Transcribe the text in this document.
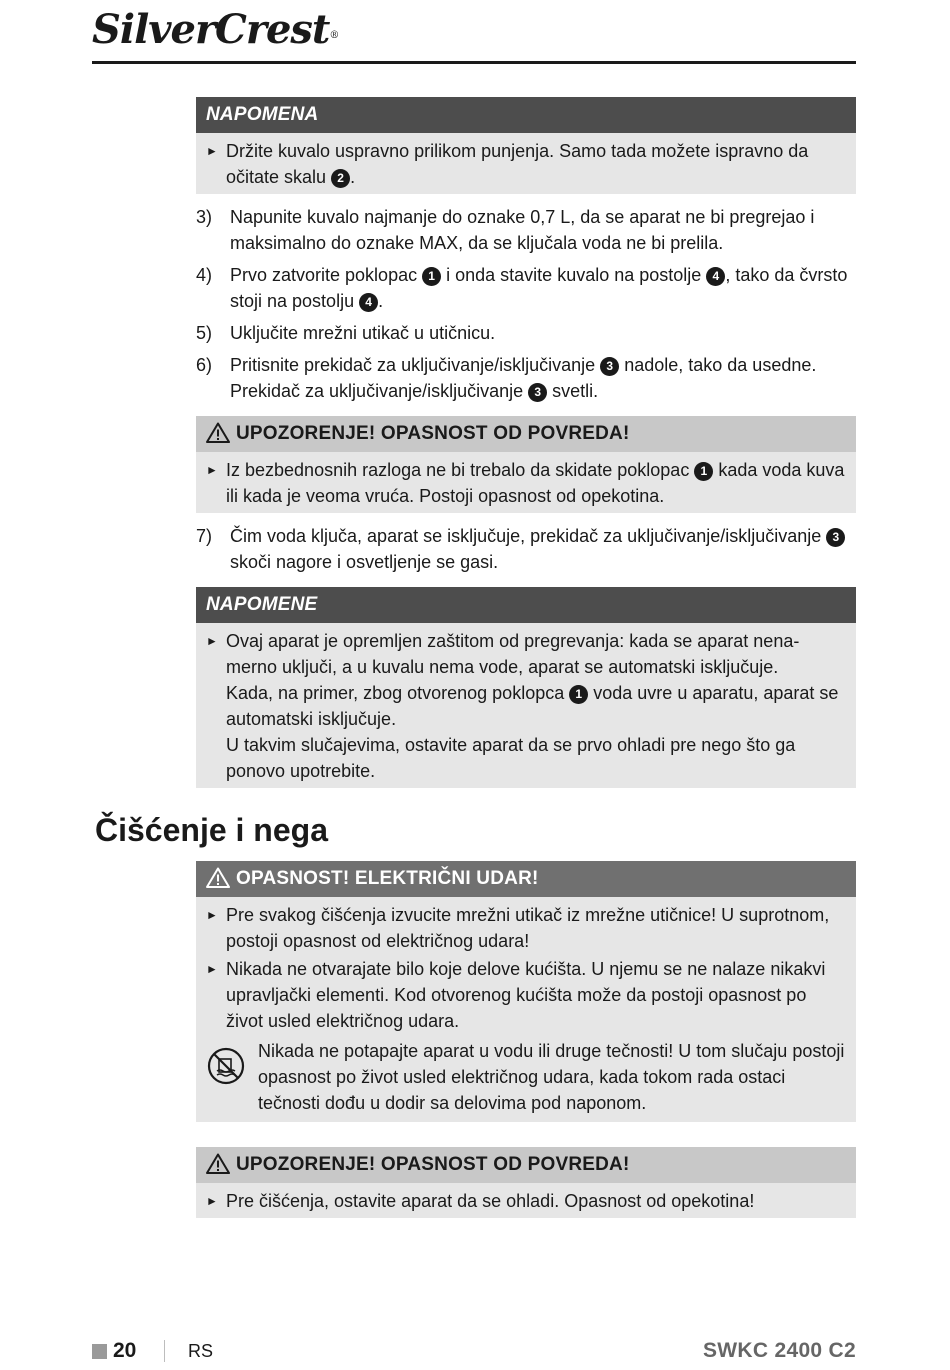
SilverCrest®
NAPOMENA
► Držite kuvalo uspravno prilikom punjenja. Samo tada možete ispravno da očitate skalu 2 .

3) Napunite kuvalo najmanje do oznake 0,7 L, da se aparat ne bi pregrejao i maksimalno do oznake MAX, da se ključala voda ne bi prelila.
4) Prvo zatvorite poklopac 1 i onda stavite kuvalo na postolje 4 , tako da čvrsto stoji na postolju 4 .
5) Uključite mrežni utikač u utičnicu.
6) Pritisnite prekidač za uključivanje/isključivanje 3 nadole, tako da usedne. Prekidač za uključivanje/isključivanje 3 svetli.
UPOZORENJE! OPASNOST OD POVREDA!
► Iz bezbednosnih razloga ne bi trebalo da skidate poklopac 1 kada voda kuva ili kada je veoma vruća. Postoji opasnost od opekotina.

7) Čim voda ključa, aparat se isključuje, prekidač za uključivanje/isključivanje 3 skoči nagore i osvetljenje se gasi.
NAPOMENE
► Ovaj aparat je opremljen zaštitom od pregrevanja: kada se aparat nena-merno uključi, a u kuvalu nema vode, aparat se automatski isključuje.

Kada, na primer, zbog otvorenog poklopca 1 voda uvre u aparatu, aparat se automatski isključuje.

U takvim slučajevima, ostavite aparat da se prvo ohladi pre nego što ga ponovo upotrebite.

Čišćenje i nega
OPASNOST! ELEKTRIČNI UDAR!
► Pre svakog čišćenja izvucite mrežni utikač iz mrežne utičnice! U suprotnom, postoji opasnost od električnog udara!

► Nikada ne otvarajate bilo koje delove kućišta. U njemu se ne nalaze nikakvi upravljački elementi. Kod otvorenog kućišta može da postoji opasnost po život usled električnog udara.

Nikada ne potapajte aparat u vodu ili druge tečnosti! U tom slučaju postoji opasnost po život usled električnog udara, kada tokom rada ostaci tečnosti dođu u dodir sa delovima pod naponom.

UPOZORENJE! OPASNOST OD POVREDA!
► Pre čišćenja, ostavite aparat da se ohladi. Opasnost od opekotina!

20	RS	SWKC 2400 C2
